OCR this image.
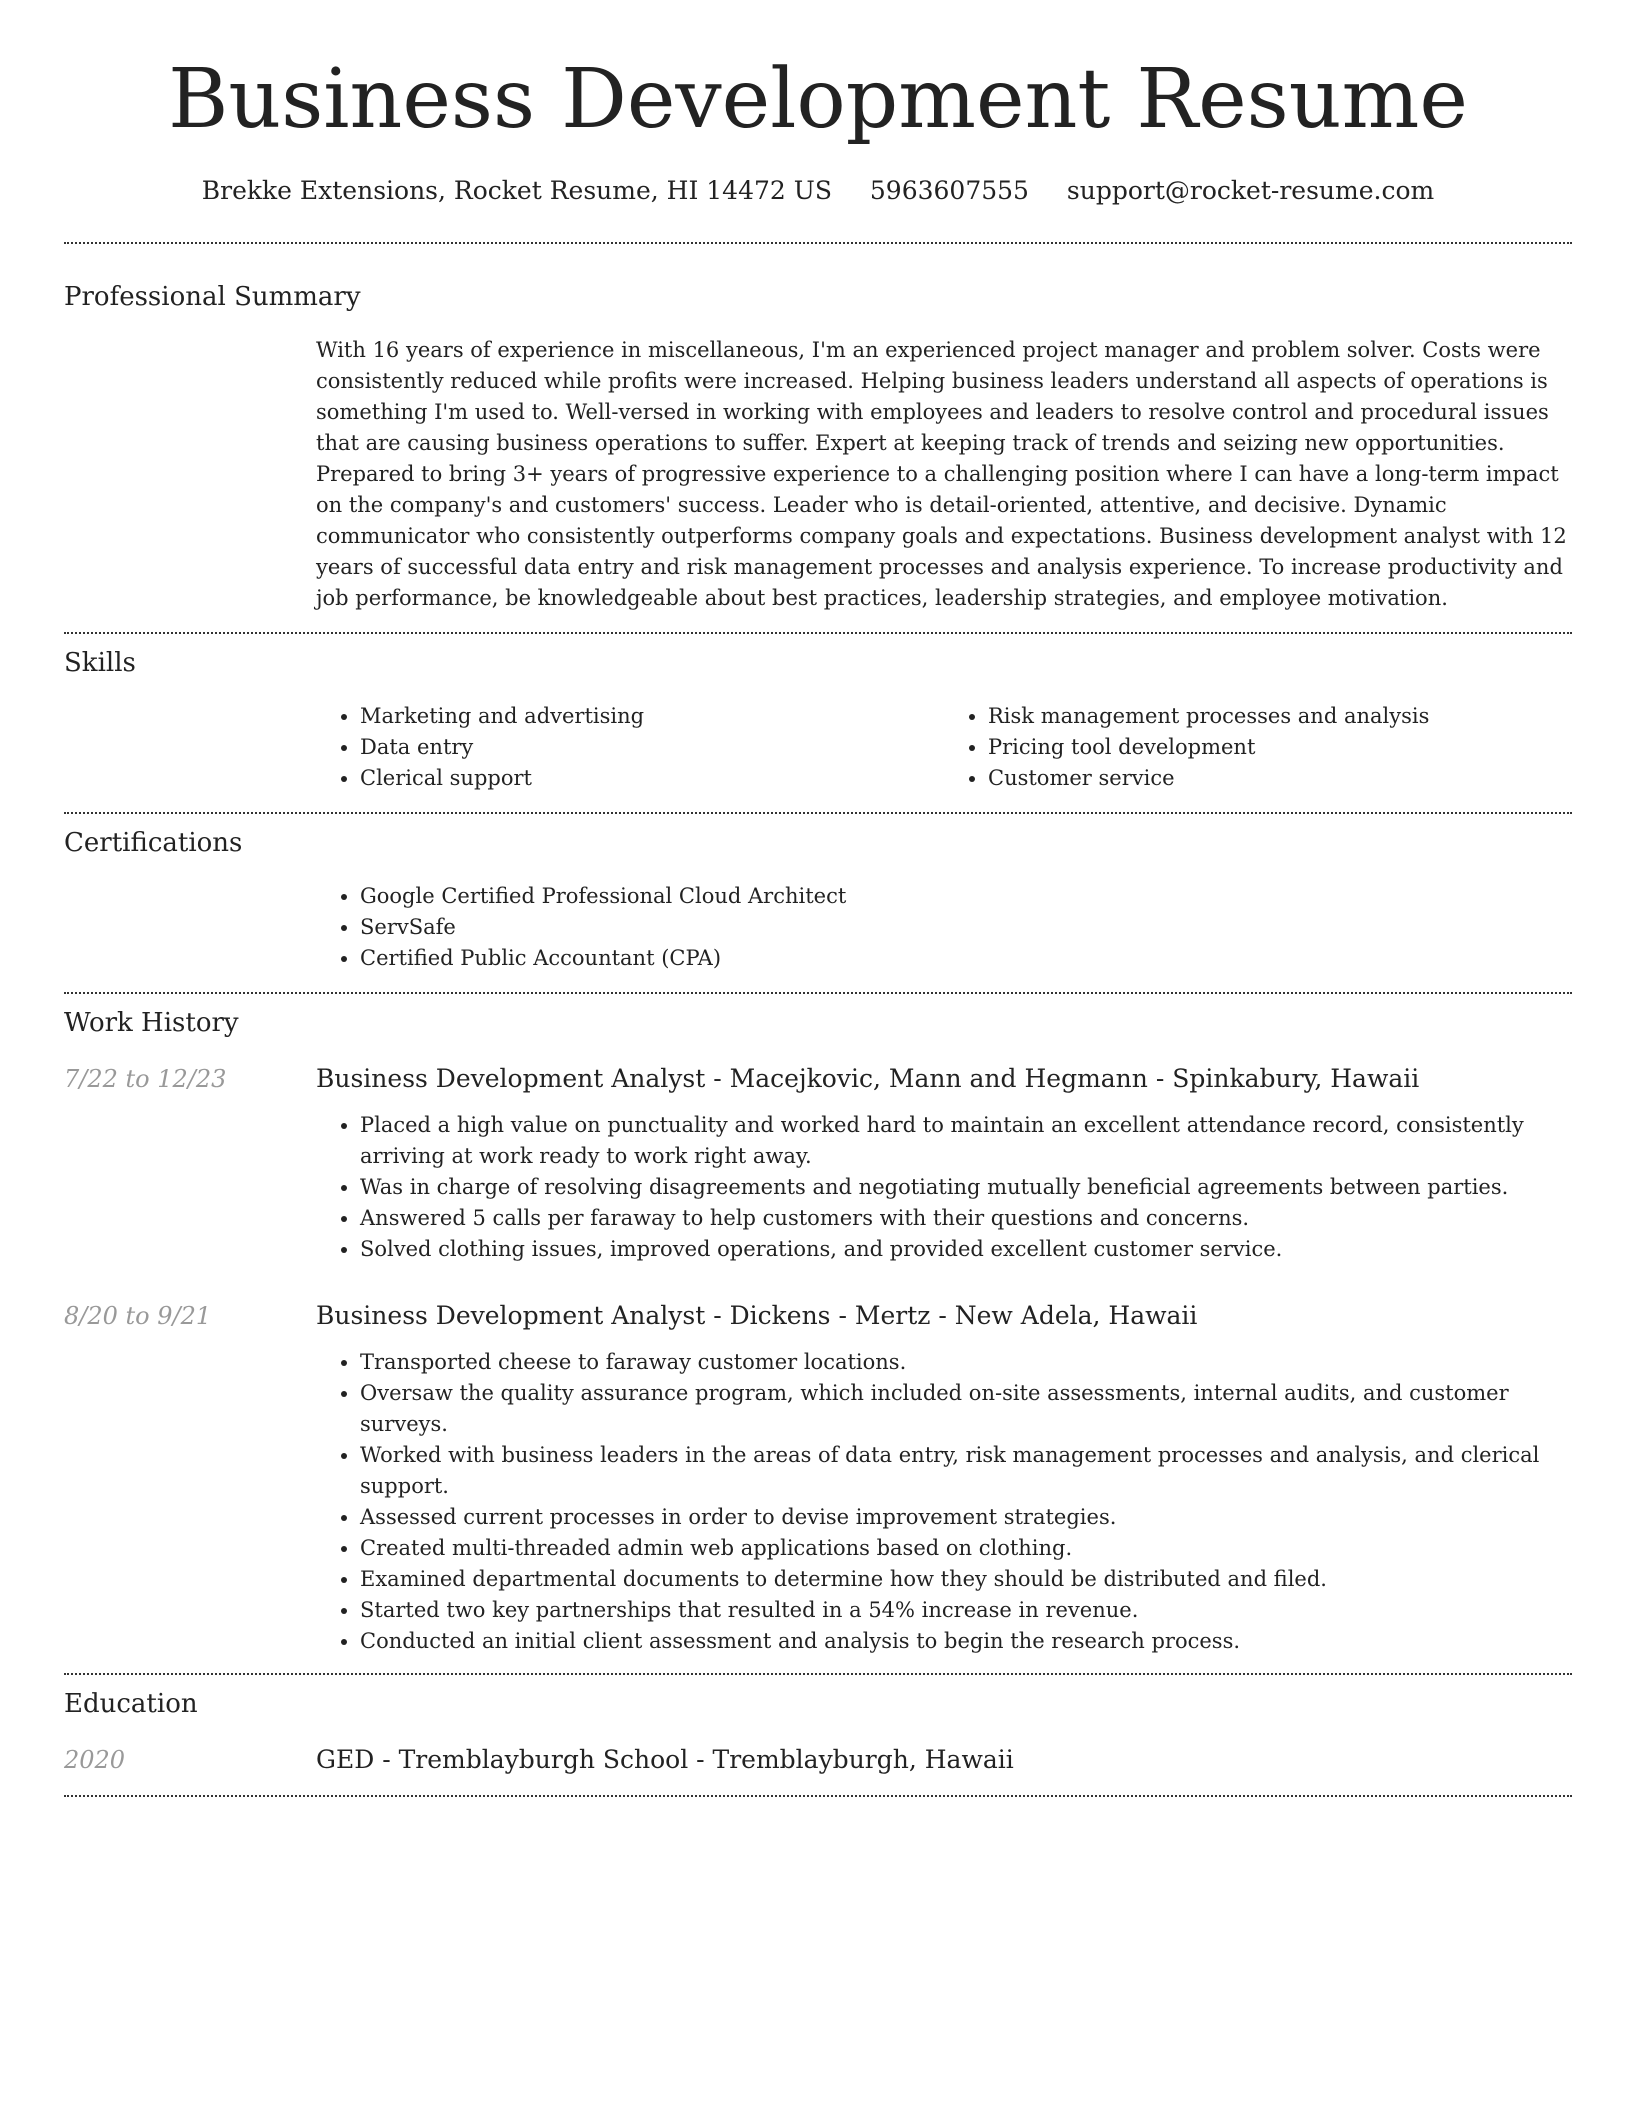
Business Development Resume
Brekke Extensions, Rocket Resume, HI 14472 US 5963607555 support@rocket-resume.com
Professional Summary

With 16 years of experience in miscellaneous, I'm an experienced project manager and problem solver. Costs were consistently reduced while profits were increased. Helping business leaders understand all aspects of operations is something I'm used to. Well-versed in working with employees and leaders to resolve control and procedural issues that are causing business operations to suffer. Expert at keeping track of trends and seizing new opportunities. Prepared to bring 3+ years of progressive experience to a challenging position where I can have a long-term impact on the company's and customers' success. Leader who is detail-oriented, attentive, and decisive. Dynamic communicator who consistently outperforms company goals and expectations. Business development analyst with 12 years of successful data entry and risk management processes and analysis experience. To increase productivity and job performance, be knowledgeable about best practices, leadership strategies, and employee motivation.

Skills
• Marketing and advertising
• Data entry
• Clerical support
• Risk management processes and analysis
• Pricing tool development
• Customer service
Certifications
• Google Certified Professional Cloud Architect
• ServSafe
• Certified Public Accountant (CPA)
Work History
7/22 to 12/23	Business Development Analyst - Macejkovic, Mann and Hegmann - Spinkabury, Hawaii
• Placed a high value on punctuality and worked hard to maintain an excellent attendance record, consistently arriving at work ready to work right away.
• Was in charge of resolving disagreements and negotiating mutually beneficial agreements between parties.
• Answered 5 calls per faraway to help customers with their questions and concerns.
• Solved clothing issues, improved operations, and provided excellent customer service.
8/20 to 9/21	Business Development Analyst - Dickens - Mertz - New Adela, Hawaii
• Transported cheese to faraway customer locations.
• Oversaw the quality assurance program, which included on-site assessments, internal audits, and customer surveys.
• Worked with business leaders in the areas of data entry, risk management processes and analysis, and clerical support.
• Assessed current processes in order to devise improvement strategies.
• Created multi-threaded admin web applications based on clothing.
• Examined departmental documents to determine how they should be distributed and filed.
• Started two key partnerships that resulted in a 54% increase in revenue.
• Conducted an initial client assessment and analysis to begin the research process.
Education
2020	GED - Tremblayburgh School - Tremblayburgh, Hawaii
